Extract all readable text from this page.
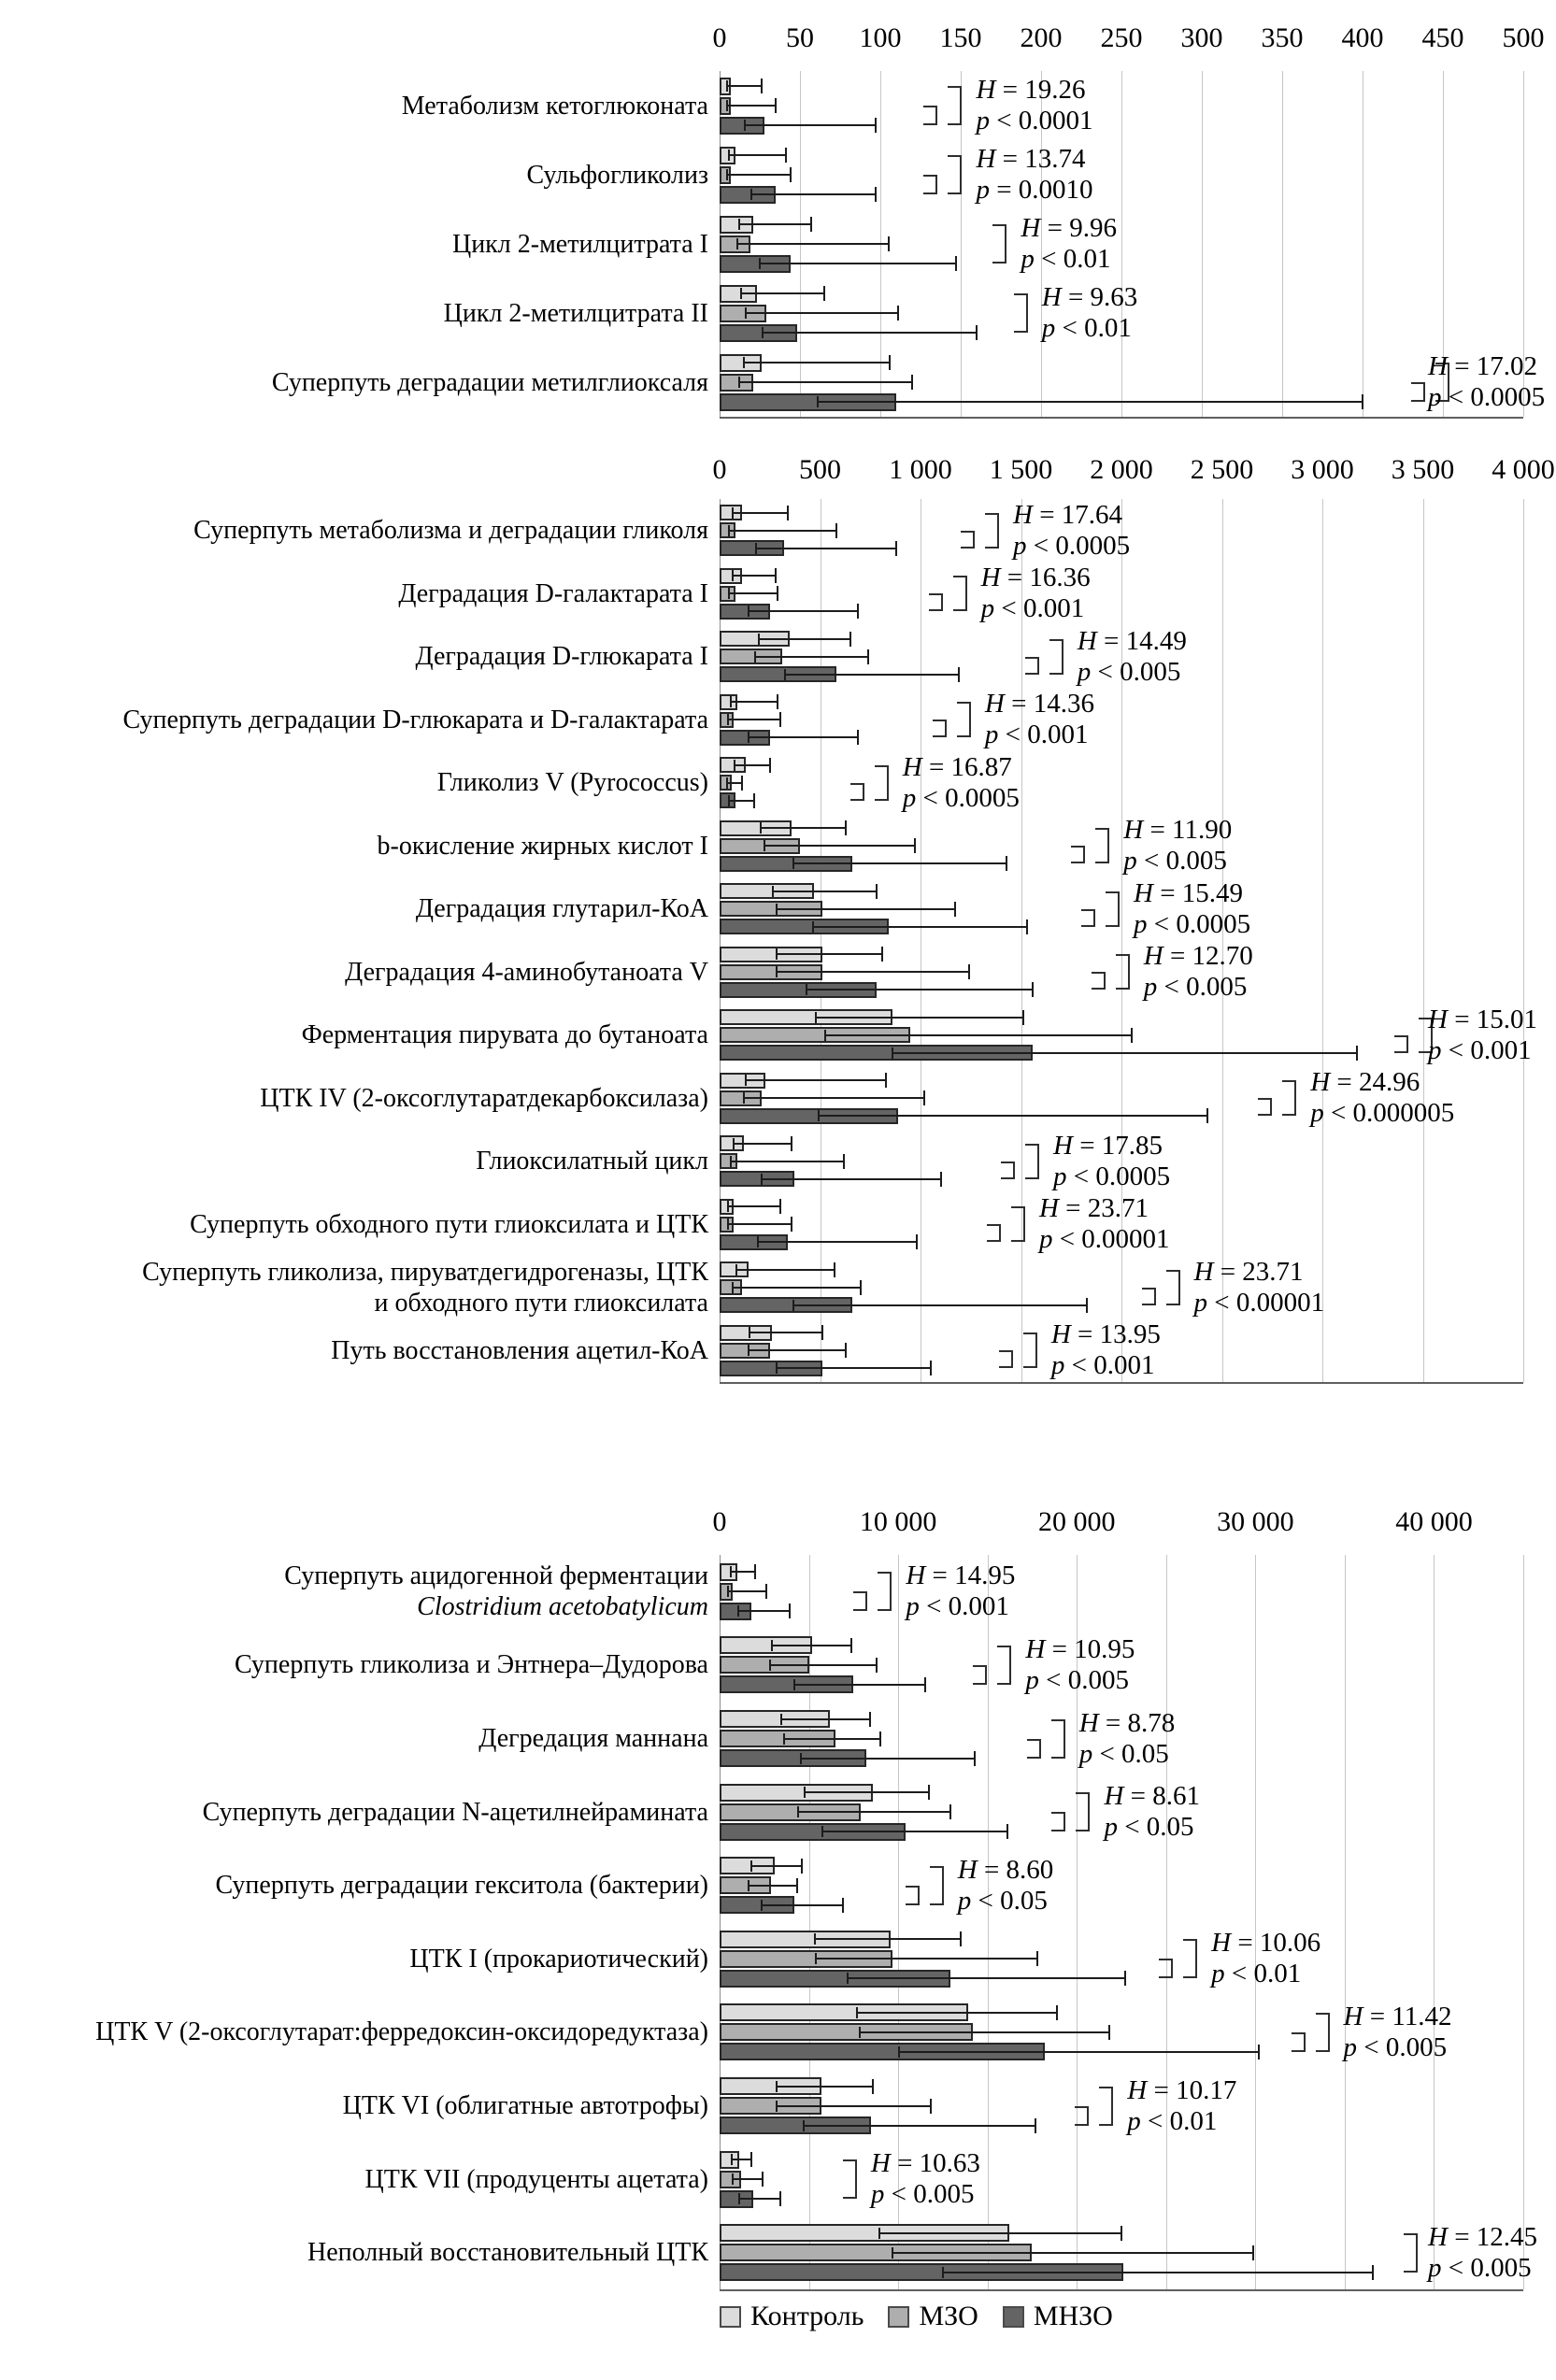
0 50 100 150 200 250 300 350 400 450 500
Метаболизм кетоглюконата
H = 19.26
p < 0.0001
Сульфогликолиз
H = 13.74
p = 0.0010
Цикл 2-метилцитрата I
H = 9.96
p < 0.01
Цикл 2-метилцитрата II
H = 9.63
p < 0.01
Суперпуть деградации метилглиоксаля
H = 17.02
p < 0.0005
0	500 1 000 1 500 2 000 2 500 3 000 3 500 4 000
Суперпуть метаболизма и деградации гликоля
H = 17.64
p < 0.0005
Деградация D-галактарата I
H = 16.36
p < 0.001
Деградация D-глюкарата I
H = 14.49
p < 0.005
Суперпуть деградации D-глюкарата и D-галактарата
H = 14.36
p < 0.001
Гликолиз V (Pyrococcus)
H = 16.87
p < 0.0005
b-окисление жирных кислот I
H = 11.90
p < 0.005
Деградация глутарил-КоА
H = 15.49
p < 0.0005
Деградация 4-аминобутаноата V
H = 12.70
p < 0.005
Ферментация пирувата до бутаноата
H = 15.01
p < 0.001
ЦТК IV (2-оксоглутаратдекарбоксилаза)
H = 24.96
p < 0.000005
Глиоксилатный цикл
H = 17.85
p < 0.0005
Суперпуть обходного пути глиоксилата и ЦТК
H = 23.71
p < 0.00001
Суперпуть гликолиза, пируватдегидрогеназы, ЦТК
и обходного пути глиоксилата
H = 23.71
p < 0.00001
Путь восстановления ацетил-КоА
H = 13.95
p < 0.001
0	10 000	20 000	30 000	40 000
Суперпуть ацидогенной ферментации
Clostridium acetobatylicum
H = 14.95
p < 0.001
Суперпуть гликолиза и Энтнера–Дудорова
H = 10.95
p < 0.005
Дегредация маннана
H = 8.78
p < 0.05
Суперпуть деградации N-ацетилнейрамината
H = 8.61
p < 0.05
Суперпуть деградации гекситола (бактерии)
H = 8.60
p < 0.05
ЦТК I (прокариотический)
H = 10.06
p < 0.01
ЦТК V (2-оксоглутарат:ферредоксин-оксидоредуктаза)
H = 11.42
p < 0.005
ЦТК VI (облигатные автотрофы)
H = 10.17
p < 0.01
ЦТК VII (продуценты ацетата)
H = 10.63
p < 0.005
Неполный восстановительный ЦТК
H = 12.45
p < 0.005
Контроль МЗО МНЗО
